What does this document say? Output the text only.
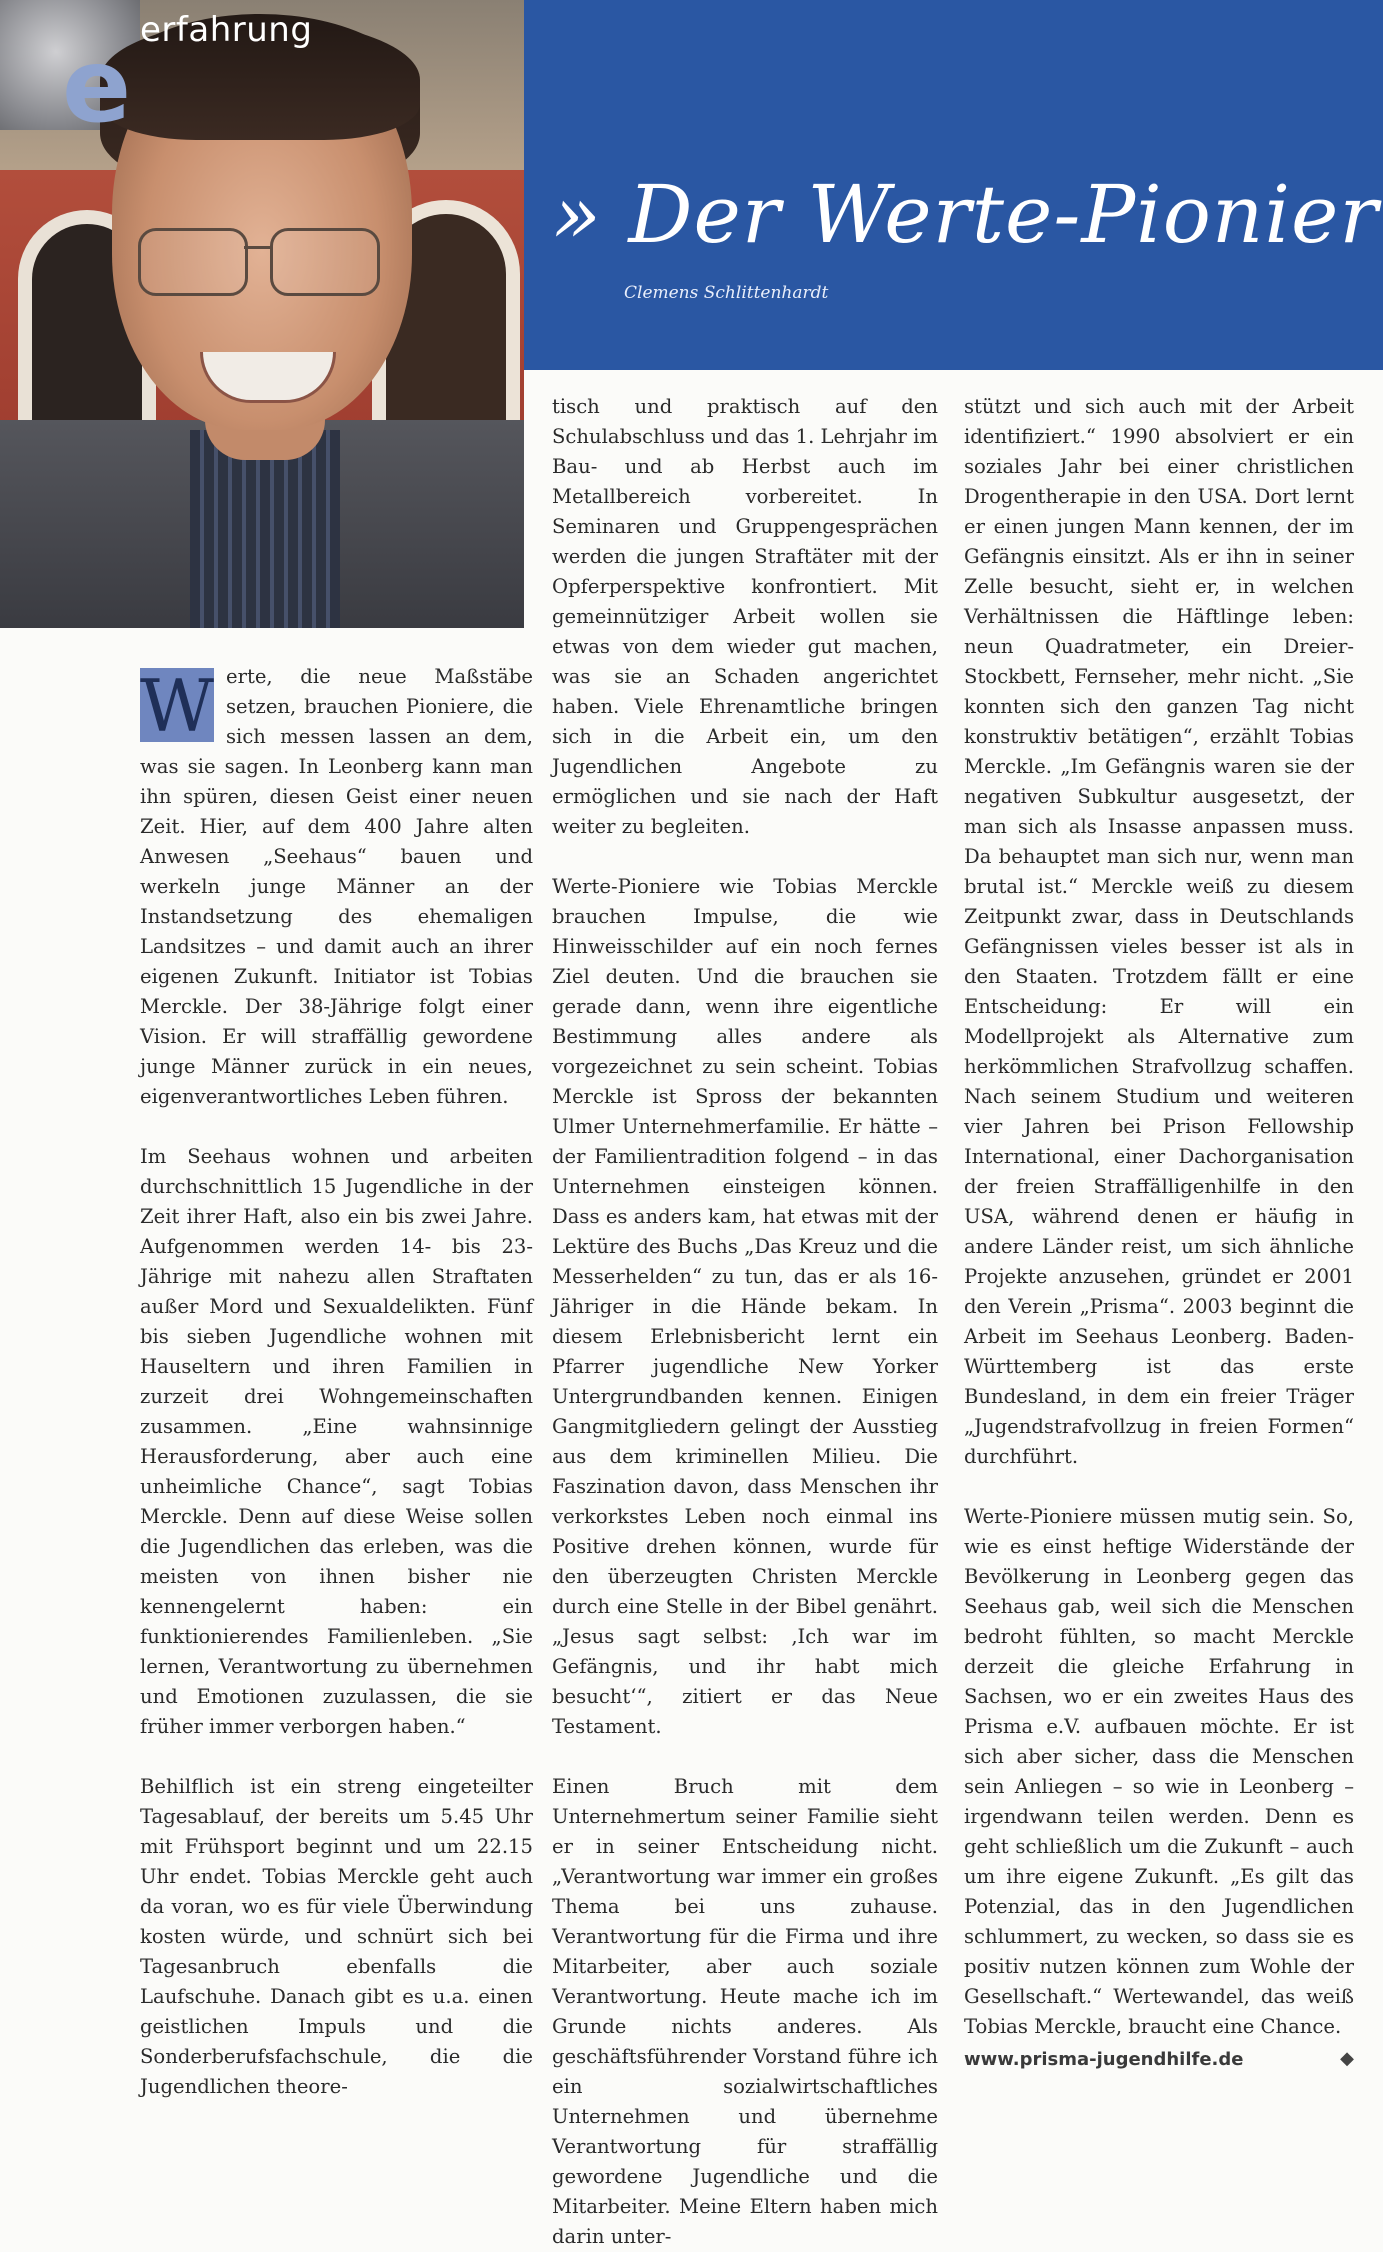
e erfahrung
» Der Werte-Pionier
Clemens Schlittenhardt

W erte, die neue Maßstäbe setzen, brauchen Pioniere, die sich messen lassen an dem, was sie sagen. In Leonberg kann man ihn spüren, diesen Geist einer neuen Zeit. Hier, auf dem 400 Jahre alten Anwesen „Seehaus“ bauen und werkeln junge Männer an der Instandsetzung des ehemaligen Landsitzes – und damit auch an ihrer eigenen Zukunft. Initiator ist Tobias Merckle. Der 38-Jährige folgt einer Vision. Er will straffällig gewordene junge Männer zurück in ein neues, eigenverantwortliches Leben führen.

Im Seehaus wohnen und arbeiten durchschnittlich 15 Jugendliche in der Zeit ihrer Haft, also ein bis zwei Jahre. Aufgenommen werden 14- bis 23-Jährige mit nahezu allen Straftaten außer Mord und Sexualdelikten. Fünf bis sieben Jugendliche wohnen mit Hauseltern und ihren Familien in zurzeit drei Wohngemeinschaften zusammen. „Eine wahnsinnige Herausforderung, aber auch eine unheimliche Chance“, sagt Tobias Merckle. Denn auf diese Weise sollen die Jugendlichen das erleben, was die meisten von ihnen bisher nie kennengelernt haben: ein funktionierendes Familienleben. „Sie lernen, Verantwortung zu übernehmen und Emotionen zuzulassen, die sie früher immer verborgen haben.“

Behilflich ist ein streng eingeteilter Tagesablauf, der bereits um 5.45 Uhr mit Frühsport beginnt und um 22.15 Uhr endet. Tobias Merckle geht auch da voran, wo es für viele Überwindung kosten würde, und schnürt sich bei Tagesanbruch ebenfalls die Laufschuhe. Danach gibt es u.a. einen geistlichen Impuls und die Sonderberufsfachschule, die die Jugendlichen theore-

tisch und praktisch auf den Schulabschluss und das 1. Lehrjahr im Bau- und ab Herbst auch im Metallbereich vorbereitet. In Seminaren und Gruppengesprächen werden die jungen Straftäter mit der Opferperspektive konfrontiert. Mit gemeinnütziger Arbeit wollen sie etwas von dem wieder gut machen, was sie an Schaden angerichtet haben. Viele Ehrenamtliche bringen sich in die Arbeit ein, um den Jugendlichen Angebote zu ermöglichen und sie nach der Haft weiter zu begleiten.

Werte-Pioniere wie Tobias Merckle brauchen Impulse, die wie Hinweisschilder auf ein noch fernes Ziel deuten. Und die brauchen sie gerade dann, wenn ihre eigentliche Bestimmung alles andere als vorgezeichnet zu sein scheint. Tobias Merckle ist Spross der bekannten Ulmer Unternehmerfamilie. Er hätte – der Familientradition folgend – in das Unternehmen einsteigen können. Dass es anders kam, hat etwas mit der Lektüre des Buchs „Das Kreuz und die Messerhelden“ zu tun, das er als 16-Jähriger in die Hände bekam. In diesem Erlebnisbericht lernt ein Pfarrer jugendliche New Yorker Untergrundbanden kennen. Einigen Gangmitgliedern gelingt der Ausstieg aus dem kriminellen Milieu. Die Faszination davon, dass Menschen ihr verkorkstes Leben noch einmal ins Positive drehen können, wurde für den überzeugten Christen Merckle durch eine Stelle in der Bibel genährt. „Jesus sagt selbst: ‚Ich war im Gefängnis, und ihr habt mich besucht‘“, zitiert er das Neue Testament.

Einen Bruch mit dem Unternehmertum seiner Familie sieht er in seiner Entscheidung nicht. „Verantwortung war immer ein großes Thema bei uns zuhause. Verantwortung für die Firma und ihre Mitarbeiter, aber auch soziale Verantwortung. Heute mache ich im Grunde nichts anderes. Als geschäftsführender Vorstand führe ich ein sozialwirtschaftliches Unternehmen und übernehme Verantwortung für straffällig gewordene Jugendliche und die Mitarbeiter. Meine Eltern haben mich darin unter-

stützt und sich auch mit der Arbeit identifiziert.“ 1990 absolviert er ein soziales Jahr bei einer christlichen Drogentherapie in den USA. Dort lernt er einen jungen Mann kennen, der im Gefängnis einsitzt. Als er ihn in seiner Zelle besucht, sieht er, in welchen Verhältnissen die Häftlinge leben: neun Quadratmeter, ein Dreier-Stockbett, Fernseher, mehr nicht. „Sie konnten sich den ganzen Tag nicht konstruktiv betätigen“, erzählt Tobias Merckle. „Im Gefängnis waren sie der negativen Subkultur ausgesetzt, der man sich als Insasse anpassen muss. Da behauptet man sich nur, wenn man brutal ist.“ Merckle weiß zu diesem Zeitpunkt zwar, dass in Deutschlands Gefängnissen vieles besser ist als in den Staaten. Trotzdem fällt er eine Entscheidung: Er will ein Modellprojekt als Alternative zum herkömmlichen Strafvollzug schaffen. Nach seinem Studium und weiteren vier Jahren bei Prison Fellowship International, einer Dachorganisation der freien Straffälligenhilfe in den USA, während denen er häufig in andere Länder reist, um sich ähnliche Projekte anzusehen, gründet er 2001 den Verein „Prisma“. 2003 beginnt die Arbeit im Seehaus Leonberg. Baden-Württemberg ist das erste Bundesland, in dem ein freier Träger „Jugendstrafvollzug in freien Formen“ durchführt.

Werte-Pioniere müssen mutig sein. So, wie es einst heftige Widerstände der Bevölkerung in Leonberg gegen das Seehaus gab, weil sich die Menschen bedroht fühlten, so macht Merckle derzeit die gleiche Erfahrung in Sachsen, wo er ein zweites Haus des Prisma e.V. aufbauen möchte. Er ist sich aber sicher, dass die Menschen sein Anliegen – so wie in Leonberg – irgendwann teilen werden. Denn es geht schließlich um die Zukunft – auch um ihre eigene Zukunft. „Es gilt das Potenzial, das in den Jugendlichen schlummert, zu wecken, so dass sie es positiv nutzen können zum Wohle der Gesellschaft.“ Wertewandel, das weiß Tobias Merckle, braucht eine Chance.

www.prisma-jugendhilfe.de	◆
